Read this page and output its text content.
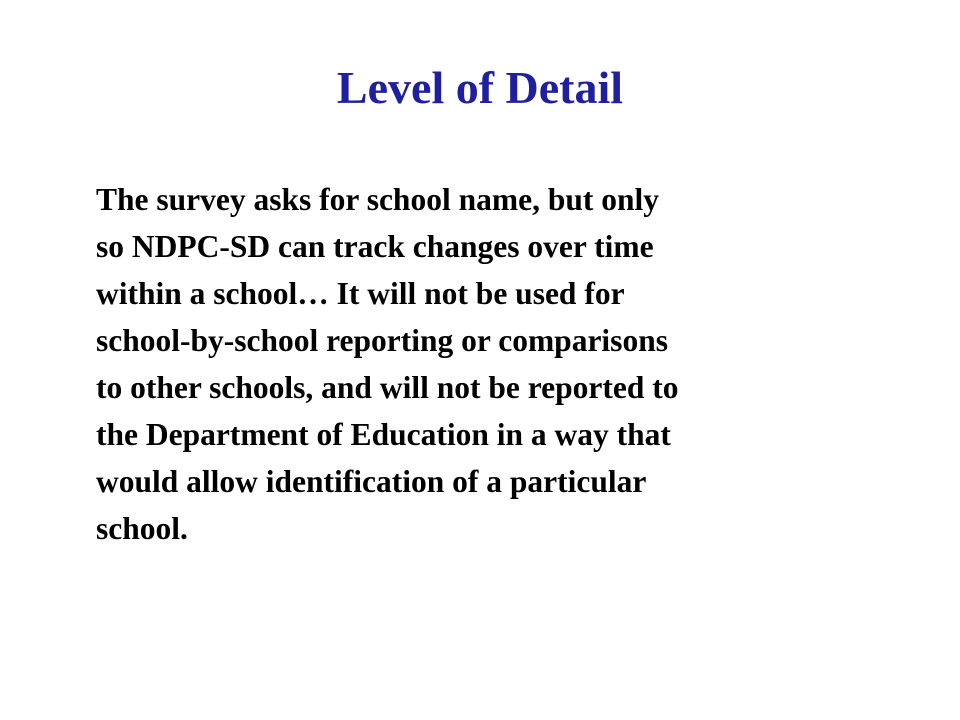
Level of Detail

The survey asks for school name, but only
so NDPC-SD can track changes over time
within a school… It will not be used for
school-by-school reporting or comparisons
to other schools, and will not be reported to
the Department of Education in a way that
would allow identification of a particular
school.
